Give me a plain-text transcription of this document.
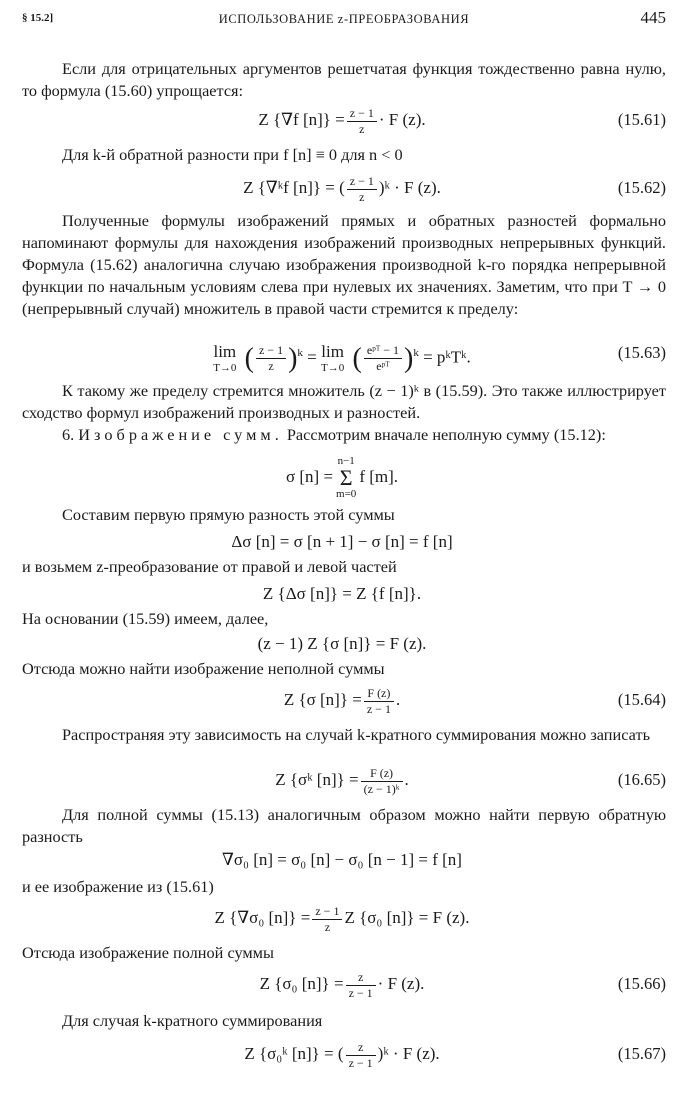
§ 15.2]	ИСПОЛЬЗОВАНИЕ z-ПРЕОБРАЗОВАНИЯ	445
Если для отрицательных аргументов решетчатая функция тождественно равна нулю, то формула (15.60) упрощается:
Z {∇f $[n]\} = \frac{z - 1}{z} \cdot F$ (z).	(15.61)
Для k-й обратной разности при f [n] ≡ 0 для n < 0
Z {∇ᵏf [n]} = ( $\frac{z - 1}{z}$ )ᵏ · F (z).	(15.62)
Полученные формулы изображений прямых и обратных разностей формально напоминают формулы для нахождения изображений производных непрерывных функций. Формула (15.62) аналогична случаю изображения производной k-го порядка непрерывной функции по начальным условиям слева при нулевых их значениях. Заметим, что при T → 0 (непрерывный случай) множитель в правой части стремится к пределу:
lim
T→0 ( $\frac{z - 1}{z} )^k = \lim$
T→0 ( $\frac{\text{eᵖᵀ − 1}}{\text{eᵖᵀ}} )^k$ = pᵏTᵏ.	(15.63)
К такому же пределу стремится множитель (z − 1)ᵏ в (15.59). Это также иллюстрирует сходство формул изображений производных и разностей.
6. Изображение сумм. Рассмотрим вначале неполную сумму (15.12):
σ [n] =
n−1
Σ
m=0
f [m].
Составим первую прямую разность этой суммы
Δσ [n] = σ [n + 1] − σ [n] = f [n]
и возьмем z-преобразование от правой и левой частей
Z {Δσ [n]} = Z {f [n]}.
На основании (15.59) имеем, далее,
(z − 1) Z {σ [n]} = F (z).
Отсюда можно найти изображение неполной суммы
Z {σ $[n]\} = \frac{F (z)}{z - 1}$ .	(15.64)
Распространяя эту зависимость на случай k-кратного суммирования можно записать
Z {σᵏ $[n]\} = \frac{F (z)}{\text{(z − 1)ᵏ}}$ .	(16.65)
Для полной суммы (15.13) аналогичным образом можно найти первую обратную разность
∇σ₀ [n] = σ₀ [n] − σ₀ [n − 1] = f [n]
и ее изображение из (15.61)
Z {∇σ₀ $[n]\} = \frac{z - 1}{z}$ Z {σ₀ [n]} = F (z).
Отсюда изображение полной суммы
Z {σ₀ $[n]\} = \frac{z}{z - 1} \cdot F$ (z).	(15.66)
Для случая k-кратного суммирования
Z {σ₀ᵏ [n]} = ( $\frac{z}{z - 1}$ )ᵏ · F (z).	(15.67)
